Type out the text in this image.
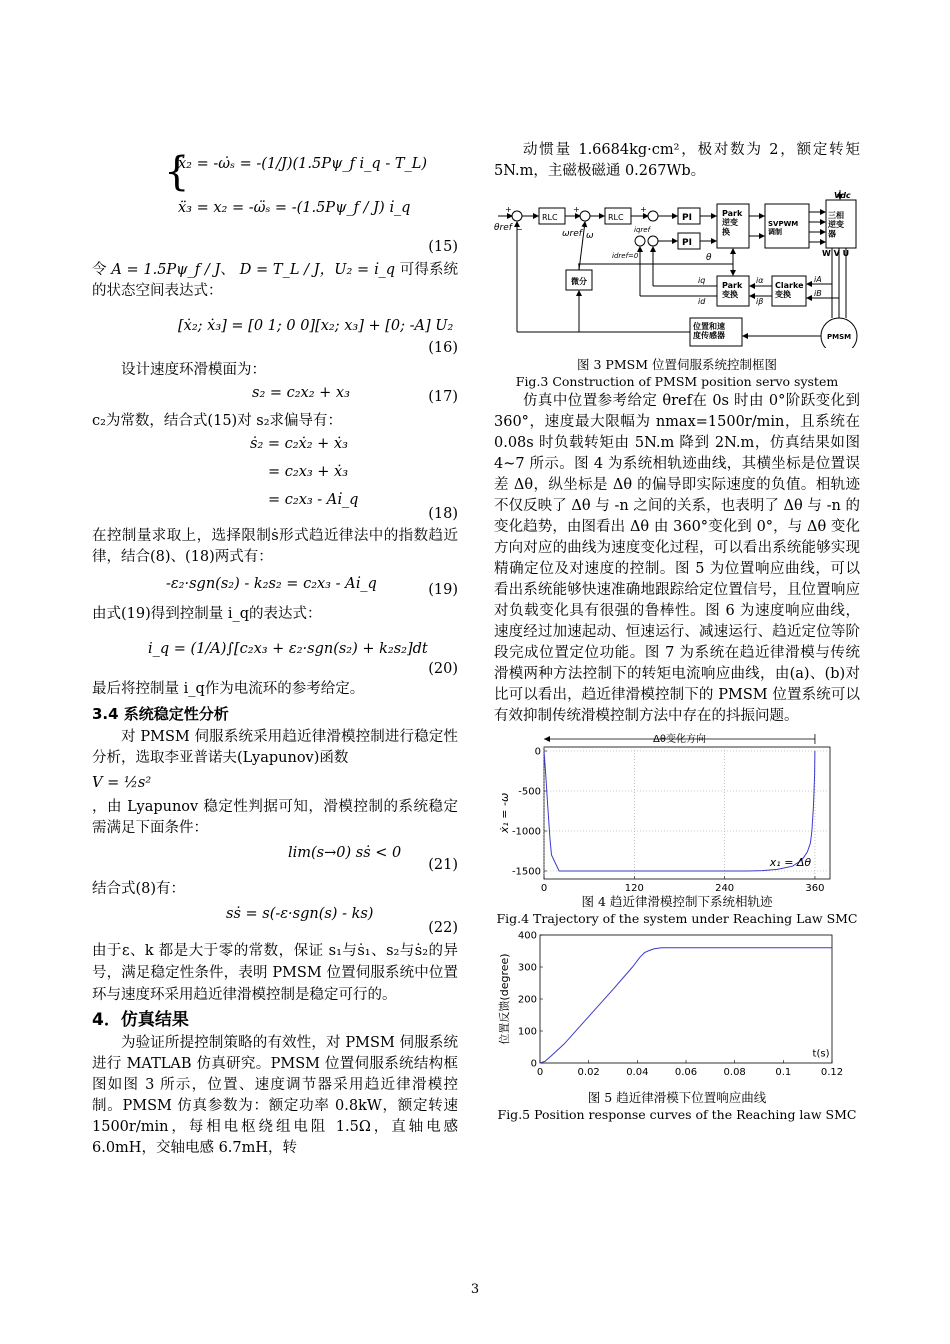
{
ẋ₂ = -ω̇ₛ = -(1/J)(1.5Pψ_f i_q - T_L)
ẍ₃ = x₂ = -ω̈ₛ = -(1.5Pψ_f / J) i̇_q
(15)

令 A = 1.5Pψ_f / J、 D = T_L / J，U₂ = i̇_q 可得系统的状态空间表达式：

[ẋ₂; ẋ₃] = [0 1; 0 0][x₂; x₃] + [0; -A] U₂
(16)

设计速度环滑模面为：

s₂ = c₂x₂ + x₃	(17)

c₂为常数，结合式(15)对 s₂求偏导有：

ṡ₂ = c₂ẋ₂ + ẋ₃
= c₂x₃ + ẋ₃
= c₂x₃ - Ai̇_q
(18)

在控制量求取上，选择限制ṡ形式趋近律法中的指数趋近律，结合(8)、(18)两式有：

-ε₂·sgn(s₂) - k₂s₂ = c₂x₃ - Ai̇_q	(19)

由式(19)得到控制量 i_q的表达式：

i_q = (1/A)∫[c₂x₃ + ε₂·sgn(s₂) + k₂s₂]dt
(20)

最后将控制量 i_q作为电流环的参考给定。

3.4 系统稳定性分析

对 PMSM 伺服系统采用趋近律滑模控制进行稳定性分析，选取李亚普诺夫(Lyapunov)函数

V = ½s²

，由 Lyapunov 稳定性判据可知，滑模控制的系统稳定需满足下面条件：

lim(s→0) sṡ < 0
(21)

结合式(8)有：

sṡ = s(-ε·sgn(s) - ks)
(22)

由于ε、k 都是大于零的常数，保证 s₁与ṡ₁、s₂与ṡ₂的异号，满足稳定性条件，表明 PMSM 位置伺服系统中位置环与速度环采用趋近律滑模控制是稳定可行的。

4．仿真结果

为验证所提控制策略的有效性，对 PMSM 伺服系统进行 MATLAB 仿真研究。PMSM 位置伺服系统结构框图如图 3 所示，位置、速度调节器采用趋近律滑模控制。PMSM 仿真参数为：额定功率 0.8kW，额定转速 1500r/min，每相电枢绕组电阻 1.5Ω，直轴电感 6.0mH，交轴电感 6.7mH，转

动惯量 1.6684kg·cm²，极对数为 2，额定转矩 5N.m，主磁极磁通 0.267Wb。

θref
ωref ω
θ
RLC	RLC	PI
PI
Park 逆变换
SVPWM 调制
三相逆变器
Vdc
W V U
iqref
idref=0
iq
id
iα
iβ
iA
iB
Park 变换
Clarke 变换
微分
位置和速度传感器	PMSM
+
−
+	+
图 3 PMSM 位置伺服系统控制框图
Fig.3 Construction of PMSM position servo system

仿真中位置参考给定 θref在 0s 时由 0°阶跃变化到 360°，速度最大限幅为 nmax=1500r/min，且系统在 0.08s 时负载转矩由 5N.m 降到 2N.m，仿真结果如图 4~7 所示。图 4 为系统相轨迹曲线，其横坐标是位置误差 Δθ，纵坐标是 Δθ 的偏导即实际速度的负值。相轨迹不仅反映了 Δθ 与 -n 之间的关系，也表明了 Δθ 与 -n 的变化趋势，由图看出 Δθ 由 360°变化到 0°，与 Δθ 变化方向对应的曲线为速度变化过程，可以看出系统能够实现精确定位及对速度的控制。图 5 为位置响应曲线，可以看出系统能够快速准确地跟踪给定位置信号，且位置响应对负载变化具有很强的鲁棒性。图 6 为速度响应曲线，速度经过加速起动、恒速运行、减速运行、趋近定位等阶段完成位置定位功能。图 7 为系统在趋近律滑模与传统滑模两种方法控制下的转矩电流响应曲线，由(a)、(b)对比可以看出，趋近律滑模控制下的 PMSM 位置系统可以有效抑制传统滑模控制方法中存在的抖振问题。

0	120	240	360
0
-500
-1000
-1500
Δθ变化方向
x₁ = Δθ
ẋ₁ = -ω
图 4 趋近律滑模控制下系统相轨迹
Fig.4 Trajectory of the system under Reaching Law SMC
0	0.02	0.04	0.06	0.08	0.1	0.12
0
100
200
300
400
t(s)
位置反馈(degree)
图 5 趋近律滑模下位置响应曲线
Fig.5 Position response curves of the Reaching law SMC
3
